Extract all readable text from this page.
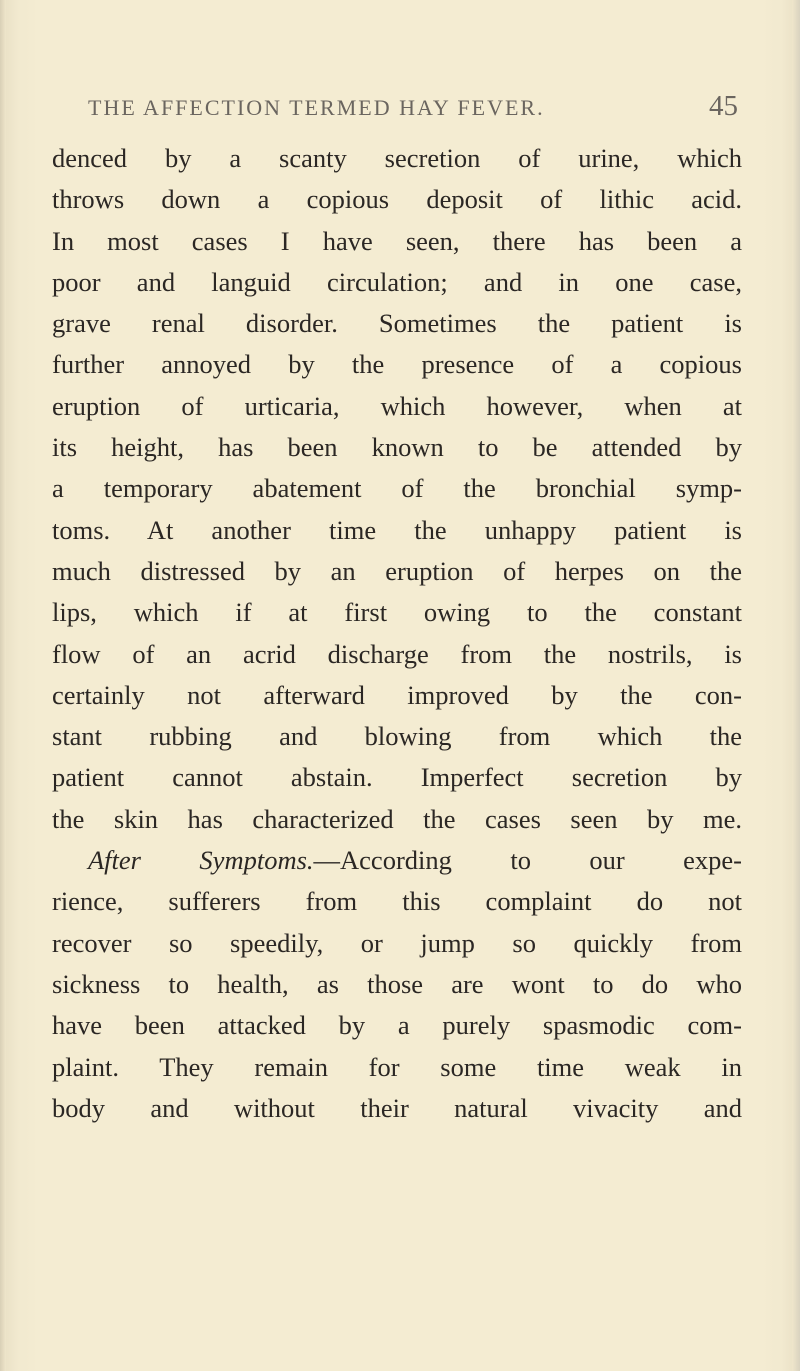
THE AFFECTION TERMED HAY FEVER.	45
denced by a scanty secretion of urine, which
throws down a copious deposit of lithic acid.
In most cases I have seen, there has been a
poor and languid circulation; and in one case,
grave renal disorder. Sometimes the patient is
further annoyed by the presence of a copious
eruption of urticaria, which however, when at
its height, has been known to be attended by
a temporary abatement of the bronchial symp-
toms. At another time the unhappy patient is
much distressed by an eruption of herpes on the
lips, which if at first owing to the constant
flow of an acrid discharge from the nostrils, is
certainly not afterward improved by the con-
stant rubbing and blowing from which the
patient cannot abstain. Imperfect secretion by
the skin has characterized the cases seen by me.
After Symptoms.—According to our expe-
rience, sufferers from this complaint do not
recover so speedily, or jump so quickly from
sickness to health, as those are wont to do who
have been attacked by a purely spasmodic com-
plaint. They remain for some time weak in
body and without their natural vivacity and
